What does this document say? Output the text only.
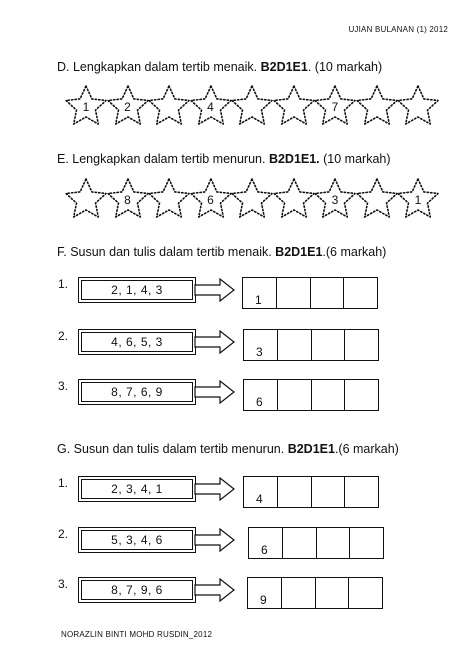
UJIAN BULANAN (1) 2012
D. Lengkapkan dalam tertib menaik. B2D1E1. (10 markah)
1	2	4	7
E. Lengkapkan dalam tertib menurun. B2D1E1. (10 markah)
8	6	3	1
F. Susun dan tulis dalam tertib menaik. B2D1E1.(6 markah)
1.	2, 1, 4, 3
1
2.	4, 6, 5, 3
3
3.	8, 7, 6, 9
6
G. Susun dan tulis dalam tertib menurun. B2D1E1.(6 markah)
1.	2, 3, 4, 1
4
2.	5, 3, 4, 6
6
3.	8, 7, 9, 6
9
NORAZLIN BINTI MOHD RUSDIN_2012
